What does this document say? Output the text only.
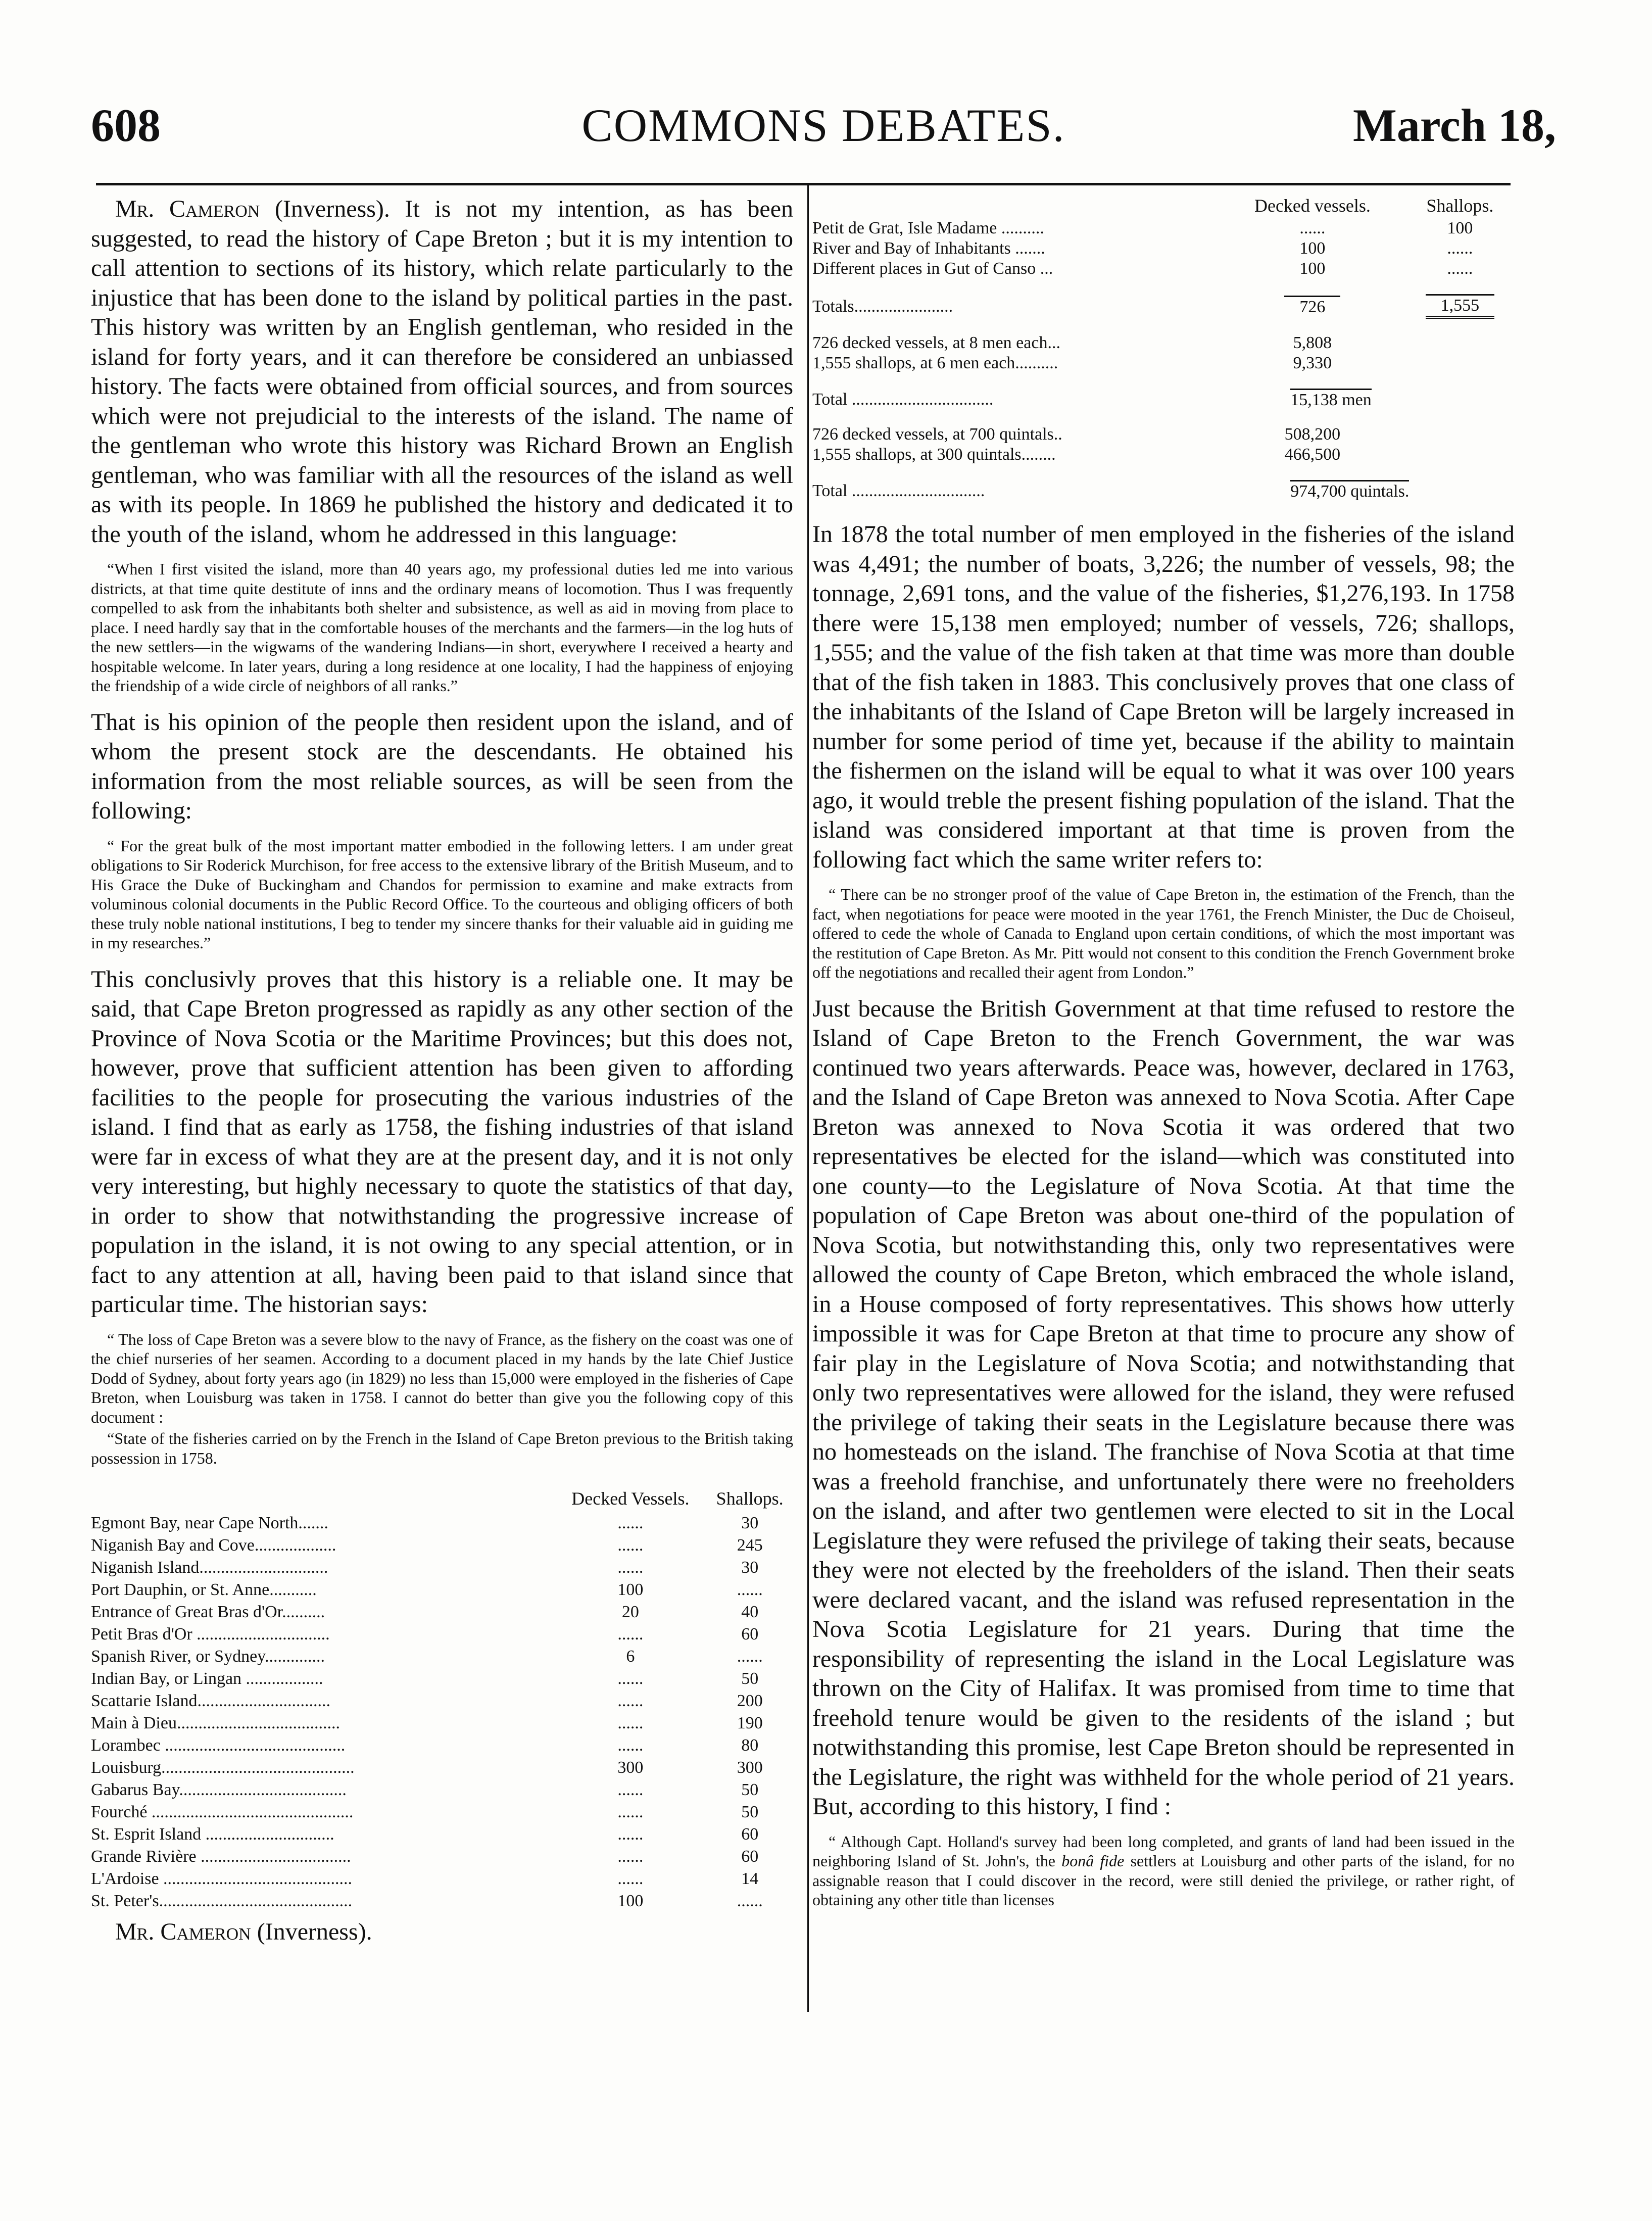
608	COMMONS DEBATES.	March 18,

Mr. Cameron (Inverness). It is not my intention, as has been suggested, to read the history of Cape Breton ; but it is my intention to call attention to sections of its history, which relate particularly to the injustice that has been done to the island by political parties in the past. This history was written by an English gentleman, who resided in the island for forty years, and it can therefore be considered an unbiassed history. The facts were obtained from official sources, and from sources which were not prejudicial to the interests of the island. The name of the gentleman who wrote this history was Richard Brown an English gentleman, who was familiar with all the resources of the island as well as with its people. In 1869 he published the history and dedicated it to the youth of the island, whom he addressed in this language:

“When I first visited the island, more than 40 years ago, my professional duties led me into various districts, at that time quite destitute of inns and the ordinary means of locomotion. Thus I was frequently compelled to ask from the inhabitants both shelter and subsistence, as well as aid in moving from place to place. I need hardly say that in the comfortable houses of the merchants and the farmers—in the log huts of the new settlers—in the wigwams of the wandering Indians—in short, everywhere I received a hearty and hospitable welcome. In later years, during a long residence at one locality, I had the happiness of enjoying the friendship of a wide circle of neighbors of all ranks.”

That is his opinion of the people then resident upon the island, and of whom the present stock are the descendants. He obtained his information from the most reliable sources, as will be seen from the following:

“ For the great bulk of the most important matter embodied in the following letters. I am under great obligations to Sir Roderick Murchison, for free access to the extensive library of the British Museum, and to His Grace the Duke of Buckingham and Chandos for permission to examine and make extracts from voluminous colonial documents in the Public Record Office. To the courteous and obliging officers of both these truly noble national institutions, I beg to tender my sincere thanks for their valuable aid in guiding me in my researches.”

This conclusivly proves that this history is a reliable one. It may be said, that Cape Breton progressed as rapidly as any other section of the Province of Nova Scotia or the Maritime Provinces; but this does not, however, prove that sufficient attention has been given to affording facilities to the people for prosecuting the various industries of the island. I find that as early as 1758, the fishing industries of that island were far in excess of what they are at the present day, and it is not only very interesting, but highly necessary to quote the statistics of that day, in order to show that notwithstanding the progressive increase of population in the island, it is not owing to any special attention, or in fact to any attention at all, having been paid to that island since that particular time. The historian says:

“ The loss of Cape Breton was a severe blow to the navy of France, as the fishery on the coast was one of the chief nurseries of her seamen. According to a document placed in my hands by the late Chief Justice Dodd of Sydney, about forty years ago (in 1829) no less than 15,000 were employed in the fisheries of Cape Breton, when Louisburg was taken in 1758. I cannot do better than give you the following copy of this document :

“State of the fisheries carried on by the French in the Island of Cape Breton previous to the British taking possession in 1758.

	Decked Vessels.	Shallops.
Egmont Bay, near Cape North.......	......	30
Niganish Bay and Cove...................	......	245
Niganish Island..............................	......	30
Port Dauphin, or St. Anne...........	100	......
Entrance of Great Bras d'Or..........	20	40
Petit Bras d'Or ...............................	......	60
Spanish River, or Sydney..............	6	......
Indian Bay, or Lingan ..................	......	50
Scattarie Island...............................	......	200
Main à Dieu......................................	......	190
Lorambec ..........................................	......	80
Louisburg.............................................	300	300
Gabarus Bay.......................................	......	50
Fourché ...............................................	......	50
St. Esprit Island ..............................	......	60
Grande Rivière ...................................	......	60
L'Ardoise ............................................	......	14
St. Peter's.............................................	100	......

Mr. Cameron (Inverness).

	Decked vessels.	Shallops.
Petit de Grat, Isle Madame ..........	......	100
River and Bay of Inhabitants .......	100	......
Different places in Gut of Canso ...	100	......
Totals.......................	726	1,555
726 decked vessels, at 8 men each...	5,808	
1,555 shallops, at 6 men each..........	9,330	
Total .................................	15,138 men	
726 decked vessels, at 700 quintals..	508,200	
1,555 shallops, at 300 quintals........	466,500	
Total ...............................	974,700 quintals.	

In 1878 the total number of men employed in the fisheries of the island was 4,491; the number of boats, 3,226; the number of vessels, 98; the tonnage, 2,691 tons, and the value of the fisheries, $1,276,193. In 1758 there were 15,138 men employed; number of vessels, 726; shallops, 1,555; and the value of the fish taken at that time was more than double that of the fish taken in 1883. This conclusively proves that one class of the inhabitants of the Island of Cape Breton will be largely increased in number for some period of time yet, because if the ability to maintain the fishermen on the island will be equal to what it was over 100 years ago, it would treble the present fishing population of the island. That the island was considered important at that time is proven from the following fact which the same writer refers to:

“ There can be no stronger proof of the value of Cape Breton in, the estimation of the French, than the fact, when negotiations for peace were mooted in the year 1761, the French Minister, the Duc de Choiseul, offered to cede the whole of Canada to England upon certain conditions, of which the most important was the restitution of Cape Breton. As Mr. Pitt would not consent to this condition the French Government broke off the negotiations and recalled their agent from London.”

Just because the British Government at that time refused to restore the Island of Cape Breton to the French Government, the war was continued two years afterwards. Peace was, however, declared in 1763, and the Island of Cape Breton was annexed to Nova Scotia. After Cape Breton was annexed to Nova Scotia it was ordered that two representatives be elected for the island—which was constituted into one county—to the Legislature of Nova Scotia. At that time the population of Cape Breton was about one-third of the population of Nova Scotia, but notwithstanding this, only two representatives were allowed the county of Cape Breton, which embraced the whole island, in a House composed of forty representatives. This shows how utterly impossible it was for Cape Breton at that time to procure any show of fair play in the Legislature of Nova Scotia; and notwithstanding that only two representatives were allowed for the island, they were refused the privilege of taking their seats in the Legislature because there was no homesteads on the island. The franchise of Nova Scotia at that time was a freehold franchise, and unfortunately there were no freeholders on the island, and after two gentlemen were elected to sit in the Local Legislature they were refused the privilege of taking their seats, because they were not elected by the freeholders of the island. Then their seats were declared vacant, and the island was refused representation in the Nova Scotia Legislature for 21 years. During that time the responsibility of representing the island in the Local Legislature was thrown on the City of Halifax. It was promised from time to time that freehold tenure would be given to the residents of the island ; but notwithstanding this promise, lest Cape Breton should be represented in the Legislature, the right was withheld for the whole period of 21 years. But, according to this history, I find :

“ Although Capt. Holland's survey had been long completed, and grants of land had been issued in the neighboring Island of St. John's, the bonâ fide settlers at Louisburg and other parts of the island, for no assignable reason that I could discover in the record, were still denied the privilege, or rather right, of obtaining any other title than licenses
